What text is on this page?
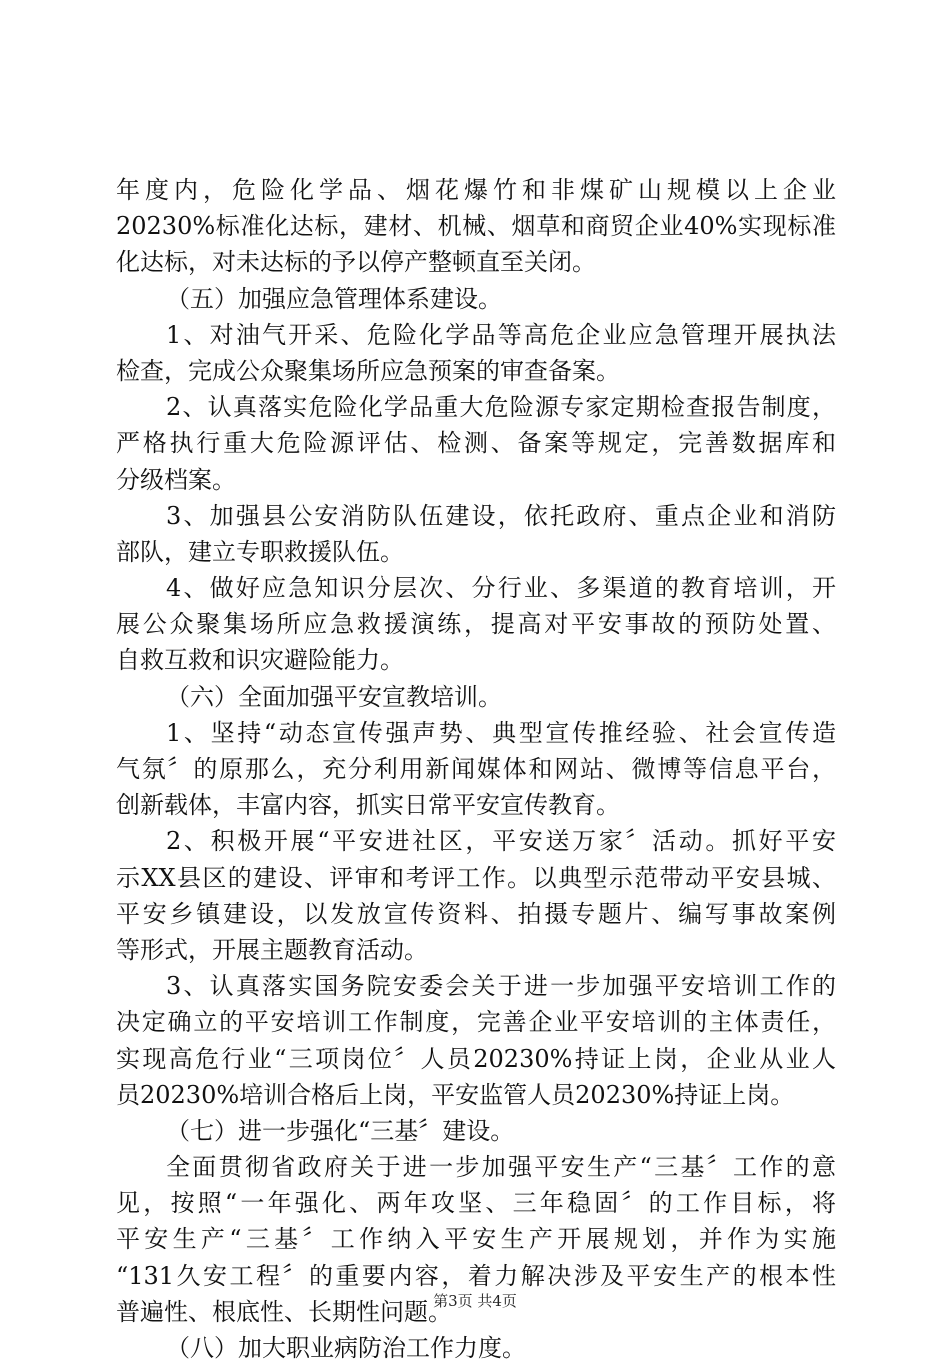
年度内，危险化学品、烟花爆竹和非煤矿山规模以上企业
20230%标准化达标，建材、机械、烟草和商贸企业40%实现标准
化达标，对未达标的予以停产整顿直至关闭。
（五）加强应急管理体系建设。
1、对油气开采、危险化学品等高危企业应急管理开展执法
检查，完成公众聚集场所应急预案的审查备案。
2、认真落实危险化学品重大危险源专家定期检查报告制度，
严格执行重大危险源评估、检测、备案等规定，完善数据库和
分级档案。
3、加强县公安消防队伍建设，依托政府、重点企业和消防
部队，建立专职救援队伍。
4、做好应急知识分层次、分行业、多渠道的教育培训，开
展公众聚集场所应急救援演练，提高对平安事故的预防处置、
自救互救和识灾避险能力。
（六）全面加强平安宣教培训。
1、坚持“动态宣传强声势、典型宣传推经验、社会宣传造
气氛〞的原那么，充分利用新闻媒体和网站、微博等信息平台，
创新载体，丰富内容，抓实日常平安宣传教育。
2、积极开展“平安进社区，平安送万家〞活动。抓好平安
示XX县区的建设、评审和考评工作。以典型示范带动平安县城、
平安乡镇建设，以发放宣传资料、拍摄专题片、编写事故案例
等形式，开展主题教育活动。
3、认真落实国务院安委会关于进一步加强平安培训工作的
决定确立的平安培训工作制度，完善企业平安培训的主体责任，
实现高危行业“三项岗位〞人员20230%持证上岗，企业从业人
员20230%培训合格后上岗，平安监管人员20230%持证上岗。
（七）进一步强化“三基〞建设。
全面贯彻省政府关于进一步加强平安生产“三基〞工作的意
见，按照“一年强化、两年攻坚、三年稳固〞的工作目标，将
平安生产“三基〞工作纳入平安生产开展规划，并作为实施
“131久安工程〞的重要内容，着力解决涉及平安生产的根本性
普遍性、根底性、长期性问题。
（八）加大职业病防治工作力度。
第3页 共4页
